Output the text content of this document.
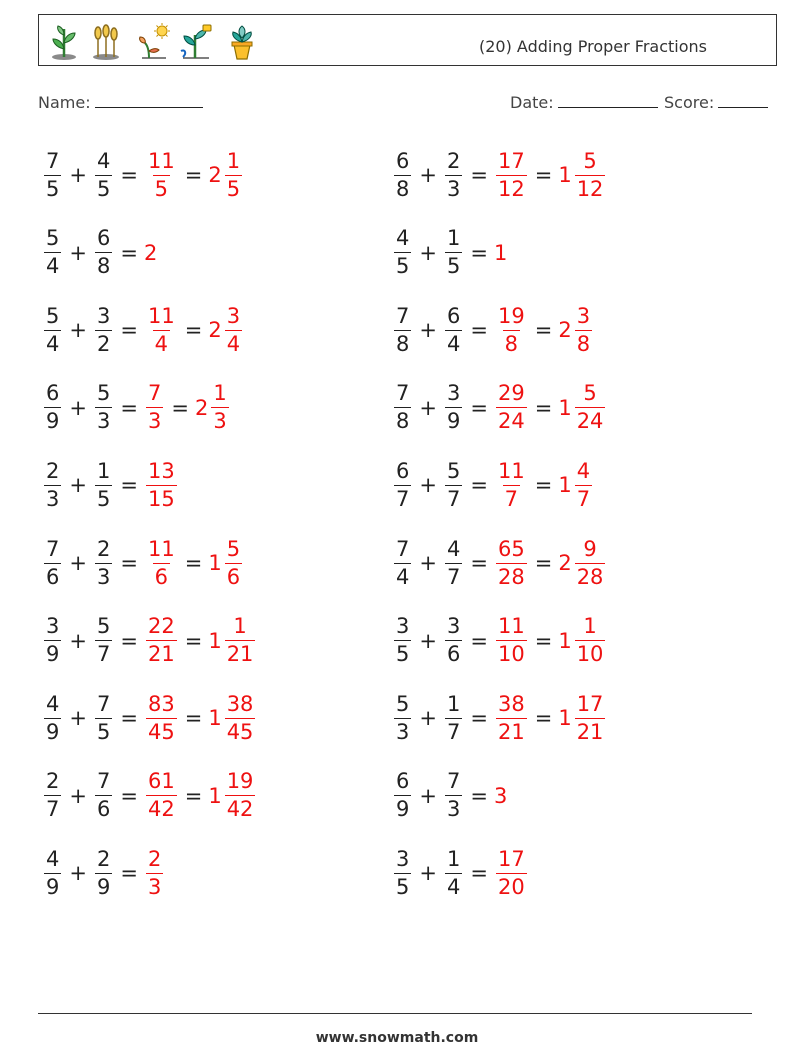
(20) Adding Proper Fractions
Name:	Date:	Score:
$\frac{7}{5} + \frac{4}{5} = \frac{11}{5} = 2 \frac{1}{5}$	$\frac{6}{8} + \frac{2}{3} = \frac{17}{12} = 1 \frac{5}{12}$
$\frac{5}{4} + \frac{6}{8} = 2$	$\frac{4}{5} + \frac{1}{5} = 1$
$\frac{5}{4} + \frac{3}{2} = \frac{11}{4} = 2 \frac{3}{4}$	$\frac{7}{8} + \frac{6}{4} = \frac{19}{8} = 2 \frac{3}{8}$
$\frac{6}{9} + \frac{5}{3} = \frac{7}{3} = 2 \frac{1}{3}$	$\frac{7}{8} + \frac{3}{9} = \frac{29}{24} = 1 \frac{5}{24}$
$\frac{2}{3} + \frac{1}{5} = \frac{13}{15}$	$\frac{6}{7} + \frac{5}{7} = \frac{11}{7} = 1 \frac{4}{7}$
$\frac{7}{6} + \frac{2}{3} = \frac{11}{6} = 1 \frac{5}{6}$	$\frac{7}{4} + \frac{4}{7} = \frac{65}{28} = 2 \frac{9}{28}$
$\frac{3}{9} + \frac{5}{7} = \frac{22}{21} = 1 \frac{1}{21}$	$\frac{3}{5} + \frac{3}{6} = \frac{11}{10} = 1 \frac{1}{10}$
$\frac{4}{9} + \frac{7}{5} = \frac{83}{45} = 1 \frac{38}{45}$	$\frac{5}{3} + \frac{1}{7} = \frac{38}{21} = 1 \frac{17}{21}$
$\frac{2}{7} + \frac{7}{6} = \frac{61}{42} = 1 \frac{19}{42}$	$\frac{6}{9} + \frac{7}{3} = 3$
$\frac{4}{9} + \frac{2}{9} = \frac{2}{3}$	$\frac{3}{5} + \frac{1}{4} = \frac{17}{20}$
www.snowmath.com
